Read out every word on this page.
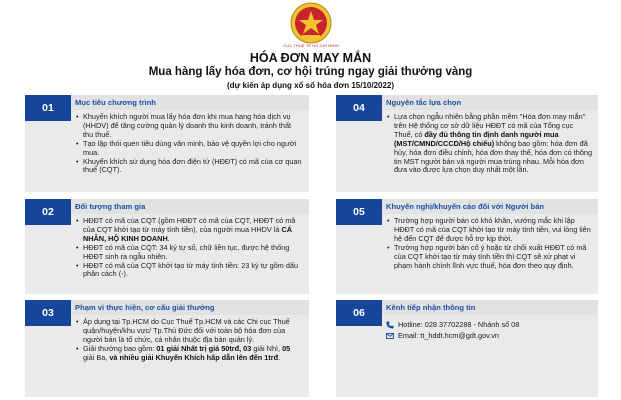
CỤC THUẾ TP HỒ CHÍ MINH
HÓA ĐƠN MAY MẮN
Mua hàng lấy hóa đơn, cơ hội trúng ngay giải thưởng vàng
(dự kiến áp dụng xổ số hóa đơn 15/10/2022)
01	Mục tiêu chương trình
• Khuyến khích người mua lấy hóa đơn khi mua hang hóa dịch vụ (HHDV) để tăng cường quản lý doanh thu kinh doanh, tránh thất thu thuế.
• Tạo lập thói quen tiêu dùng văn minh, bảo vệ quyền lợi cho người mua.
• Khuyến khích sử dụng hóa đơn điện tử (HĐĐT) có mã của cơ quan thuế (CQT).
02	Đối tượng tham gia
• HĐĐT có mã của CQT (gồm HĐĐT có mã của CQT, HĐĐT có mã của CQT khởi tạo từ máy tính tiền), của người mua HHDV là CÁ NHÂN, HỘ KINH DOANH.
• HĐĐT có mã của CQT: 34 ký tự số, chữ liền tục, được hệ thống HĐĐT sinh ra ngẫu nhiên.
• HĐĐT có mã của CQT khởi tạo từ máy tính tiền: 23 ký tự gồm dấu phân cách (-).
03	Phạm vi thực hiện, cơ cấu giải thưởng
• Áp dụng tại Tp.HCM do Cục Thuế Tp.HCM và các Chi cục Thuế quận/huyện/khu vực/ Tp.Thủ Đức đối với toàn bộ hóa đơn của người bán là tổ chức, cá nhân thuộc địa bàn quản lý.
• Giải thưởng bao gồm: 01 giải Nhất trị giá 50trđ, 03 giải Nhì, 05 giải Ba, và nhiều giải Khuyến Khích hấp dẫn lên đến 1trđ.
04	Nguyên tắc lựa chọn
• Lựa chọn ngẫu nhiên bằng phần mềm "Hóa đơn may mắn" trên Hệ thống cơ sở dữ liệu HĐĐT có mã của Tổng cục Thuế, có đầy đủ thông tin định danh người mua (MST/CMND/CCCD/Hộ chiếu) không bao gồm: hóa đơn đã hủy, hóa đơn điều chỉnh, hóa đơn thay thế, hóa đơn có thông tin MST người bán và người mua trùng nhau. Mỗi hóa đơn đưa vào được lựa chọn duy nhất một lần.
05	Khuyến nghị/khuyến cáo đối với Người bán
• Trường hợp người bán có khó khăn, vướng mắc khi lập HĐĐT có mã của CQT khởi tạo từ máy tính tiền, vui lòng liên hệ đến CQT để được hỗ trợ kịp thời.
• Trường hợp người bán cố ý hoặc từ chối xuất HĐĐT có mã của CQT khởi tạo từ máy tính tiền thì CQT sẽ xử phạt vi phạm hành chính lĩnh vực thuế, hóa đơn theo quy định.
06	Kênh tiếp nhận thông tin
Hotline: 028 37702288 - Nhánh số 08
Email: tt_hddt.hcm@gdt.gov.vn
